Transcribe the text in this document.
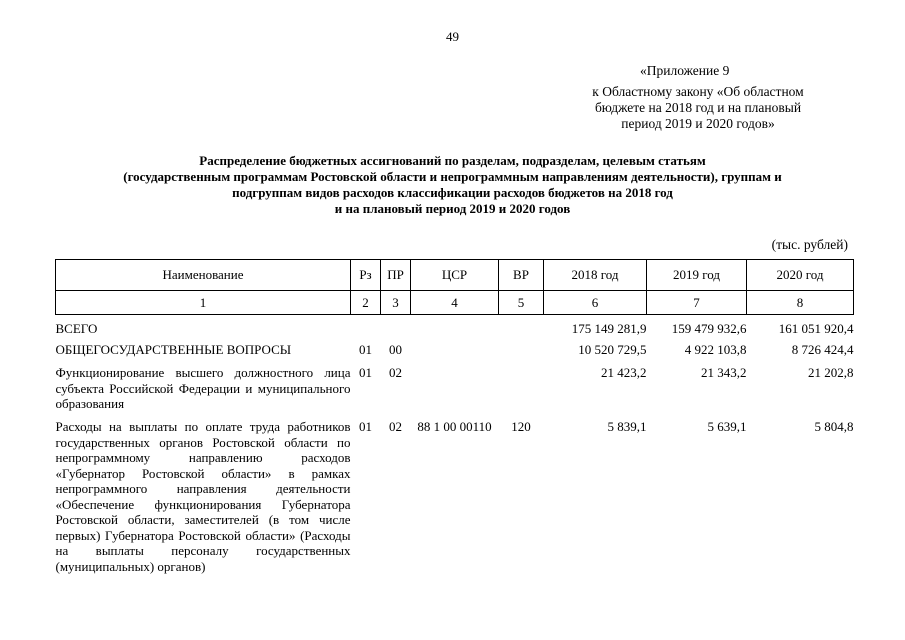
49
«Приложение 9
к Областному закону «Об областном
бюджете на 2018 год и на плановый
период 2019 и 2020 годов»
Распределение бюджетных ассигнований по разделам, подразделам, целевым статьям
(государственным программам Ростовской области и непрограммным направлениям деятельности), группам и
подгруппам видов расходов классификации расходов бюджетов на 2018 год
и на плановый период 2019 и 2020 годов
(тыс. рублей)
Наименование	Рз	ПР	ЦСР	ВР	2018 год	2019 год	2020 год
1	2	3	4	5	6	7	8
ВСЕГО					175 149 281,9	159 479 932,6	161 051 920,4
ОБЩЕГОСУДАРСТВЕННЫЕ ВОПРОСЫ	01	00			10 520 729,5	4 922 103,8	8 726 424,4
Функционирование высшего должностного лица субъекта Российской Федерации и муниципального образования	01	02			21 423,2	21 343,2	21 202,8
Расходы на выплаты по оплате труда работников государственных органов Ростовской области по непрограммному направлению расходов «Губернатор Ростовской области» в рамках непрограммного направления деятельности «Обеспечение функционирования Губернатора Ростовской области, заместителей (в том числе первых) Губернатора Ростовской области» (Расходы на выплаты персоналу государственных (муниципальных) органов)	01	02	88 1 00 00110	120	5 839,1	5 639,1	5 804,8
